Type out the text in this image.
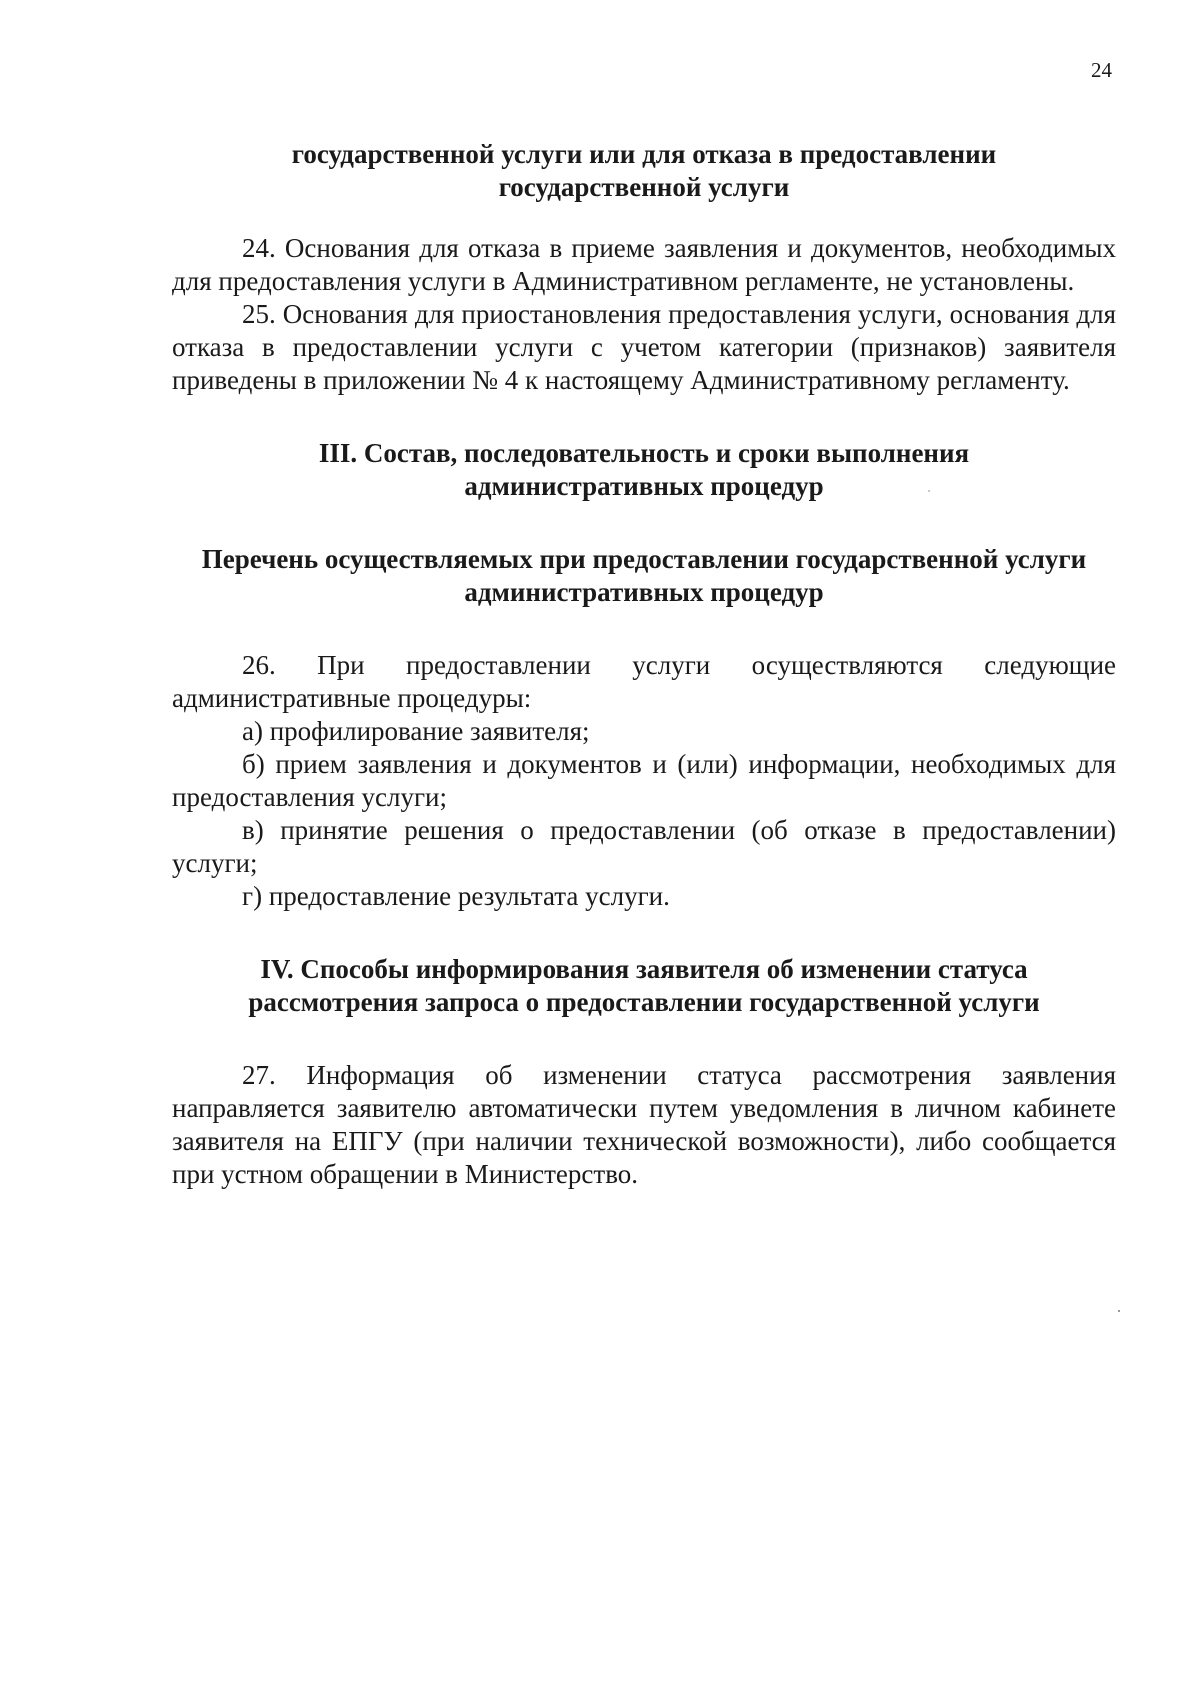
24

государственной услуги или для отказа в предоставлении

государственной услуги

24. Основания для отказа в приеме заявления и документов, необходимых для предоставления услуги в Административном регламенте, не установлены.

25. Основания для приостановления предоставления услуги, основания для отказа в предоставлении услуги с учетом категории (признаков) заявителя приведены в приложении № 4 к настоящему Административному регламенту.

III. Состав, последовательность и сроки выполнения

административных процедур

Перечень осуществляемых при предоставлении государственной услуги

административных процедур

26. При предоставлении услуги осуществляются следующие административные процедуры:

а) профилирование заявителя;

б) прием заявления и документов и (или) информации, необходимых для предоставления услуги;

в) принятие решения о предоставлении (об отказе в предоставлении) услуги;

г) предоставление результата услуги.

IV. Способы информирования заявителя об изменении статуса

рассмотрения запроса о предоставлении государственной услуги

27. Информация об изменении статуса рассмотрения заявления направляется заявителю автоматически путем уведомления в личном кабинете заявителя на ЕПГУ (при наличии технической возможности), либо сообщается при устном обращении в Министерство.
